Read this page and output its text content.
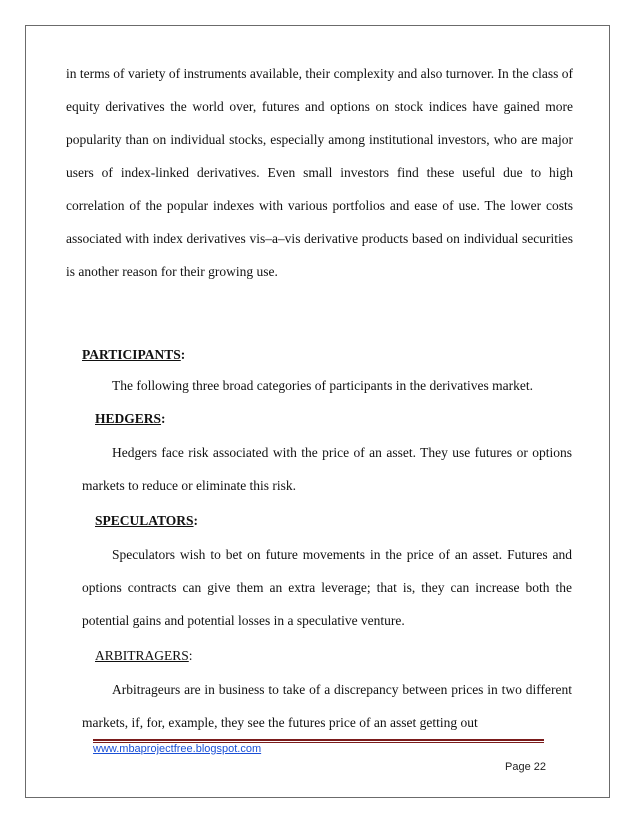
in terms of variety of instruments available, their complexity and also turnover. In the class of equity derivatives the world over, futures and options on stock indices have gained more popularity than on individual stocks, especially among institutional investors, who are major users of index-linked derivatives. Even small investors find these useful due to high correlation of the popular indexes with various portfolios and ease of use. The lower costs associated with index derivatives vis–a–vis derivative products based on individual securities is another reason for their growing use.
PARTICIPANTS:
The following three broad categories of participants in the derivatives market.
HEDGERS:
Hedgers face risk associated with the price of an asset. They use futures or options markets to reduce or eliminate this risk.
SPECULATORS:
Speculators wish to bet on future movements in the price of an asset. Futures and options contracts can give them an extra leverage; that is, they can increase both the potential gains and potential losses in a speculative venture.
ARBITRAGERS:
Arbitrageurs are in business to take of a discrepancy between prices in two different markets, if, for, example, they see the futures price of an asset getting out
www.mbaprojectfree.blogspot.com
Page 22
